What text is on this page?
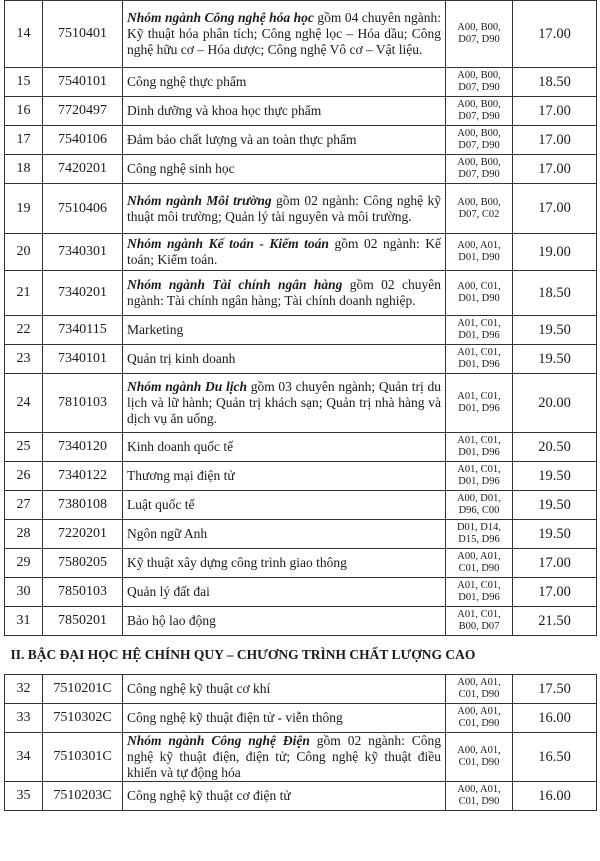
14	7510401	Nhóm ngành Công nghệ hóa học gồm 04 chuyên ngành: Kỹ thuật hóa phân tích; Công nghệ lọc – Hóa dầu; Công nghệ hữu cơ – Hóa dược; Công nghệ Vô cơ – Vật liệu.	A00, B00,
D07, D90	17.00
15	7540101	Công nghệ thực phẩm	A00, B00,
D07, D90	18.50
16	7720497	Dinh dưỡng và khoa học thực phẩm	A00, B00,
D07, D90	17.00
17	7540106	Đảm bảo chất lượng và an toàn thực phẩm	A00, B00,
D07, D90	17.00
18	7420201	Công nghệ sinh học	A00, B00,
D07, D90	17.00
19	7510406	Nhóm ngành Môi trường gồm 02 ngành: Công nghệ kỹ thuật môi trường; Quản lý tài nguyên và môi trường.	A00, B00,
D07, C02	17.00
20	7340301	Nhóm ngành Kế toán - Kiểm toán gồm 02 ngành: Kế toán; Kiểm toán.	A00, A01,
D01, D90	19.00
21	7340201	Nhóm ngành Tài chính ngân hàng gồm 02 chuyên ngành: Tài chính ngân hàng; Tài chính doanh nghiệp.	A00, C01,
D01, D90	18.50
22	7340115	Marketing	A01, C01,
D01, D96	19.50
23	7340101	Quản trị kinh doanh	A01, C01,
D01, D96	19.50
24	7810103	Nhóm ngành Du lịch gồm 03 chuyên ngành; Quản trị du lịch và lữ hành; Quản trị khách sạn; Quản trị nhà hàng và dịch vụ ăn uống.	A01, C01,
D01, D96	20.00
25	7340120	Kinh doanh quốc tế	A01, C01,
D01, D96	20.50
26	7340122	Thương mại điện tử	A01, C01,
D01, D96	19.50
27	7380108	Luật quốc tế	A00, D01,
D96, C00	19.50
28	7220201	Ngôn ngữ Anh	D01, D14,
D15, D96	19.50
29	7580205	Kỹ thuật xây dựng công trình giao thông	A00, A01,
C01, D90	17.00
30	7850103	Quản lý đất đai	A01, C01,
D01, D96	17.00
31	7850201	Bảo hộ lao động	A01, C01,
B00, D07	21.50
II. BẬC ĐẠI HỌC HỆ CHÍNH QUY – CHƯƠNG TRÌNH CHẤT LƯỢNG CAO				
32	7510201C	Công nghệ kỹ thuật cơ khí	A00, A01,
C01, D90	17.50
33	7510302C	Công nghệ kỹ thuật điện tử - viễn thông	A00, A01,
C01, D90	16.00
34	7510301C	Nhóm ngành Công nghệ Điện gồm 02 ngành: Công nghệ kỹ thuật điện, điện tử; Công nghệ kỹ thuật điều khiển và tự động hóa	A00, A01,
C01, D90	16.50
35	7510203C	Công nghệ kỹ thuật cơ điện tử	A00, A01,
C01, D90	16.00
